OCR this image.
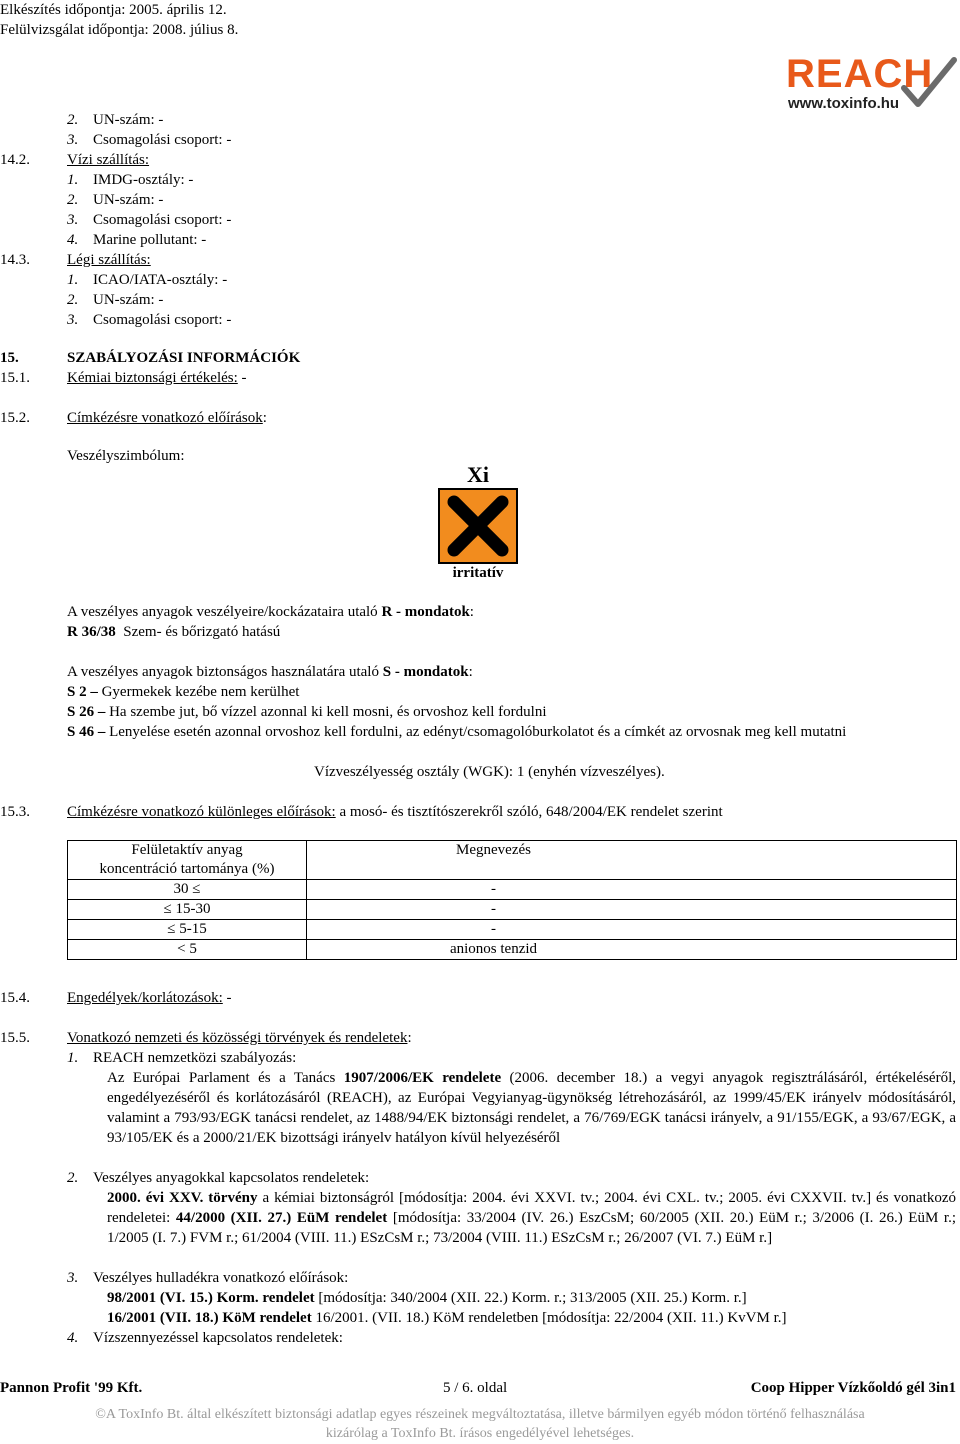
Elkészítés időpontja: 2005. április 12.
Felülvizsgálat időpontja: 2008. július 8.
REACH
www.toxinfo.hu
2. UN-szám: -
3. Csomagolási csoport: -
14.2. Vízi szállítás:
1. IMDG-osztály: -
2. UN-szám: -
3. Csomagolási csoport: -
4. Marine pollutant: -
14.3. Légi szállítás:
1. ICAO/IATA-osztály: -
2. UN-szám: -
3. Csomagolási csoport: -
15.	SZABÁLYOZÁSI INFORMÁCIÓK
15.1. Kémiai biztonsági értékelés: -
15.2. Címkézésre vonatkozó előírások:
Veszélyszimbólum:
Xi
irritatív
A veszélyes anyagok veszélyeire/kockázataira utaló R - mondatok:
R 36/38 Szem- és bőrizgató hatású
A veszélyes anyagok biztonságos használatára utaló S - mondatok:
S 2 – Gyermekek kezébe nem kerülhet
S 26 – Ha szembe jut, bő vízzel azonnal ki kell mosni, és orvoshoz kell fordulni
S 46 – Lenyelése esetén azonnal orvoshoz kell fordulni, az edényt/csomagolóburkolatot és a címkét az orvosnak meg kell mutatni
Vízveszélyesség osztály (WGK): 1 (enyhén vízveszélyes).
15.3. Címkézésre vonatkozó különleges előírások: a mosó- és tisztítószerekről szóló, 648/2004/EK rendelet szerint
Felületaktív anyag
koncentráció tartománya (%)	Megnevezés
30 ≤	-
≤ 15-30	-
≤ 5-15	-
< 5	anionos tenzid
15.4. Engedélyek/korlátozások: -
15.5. Vonatkozó nemzeti és közösségi törvények és rendeletek:
1. REACH nemzetközi szabályozás:
Az Európai Parlament és a Tanács 1907/2006/EK rendelete (2006. december 18.) a vegyi anyagok regisztrálásáról, értékeléséről, engedélyezéséről és korlátozásáról (REACH), az Európai Vegyianyag-ügynökség létrehozásáról, az 1999/45/EK irányelv módosításáról, valamint a 793/93/EGK tanácsi rendelet, az 1488/94/EK biztonsági rendelet, a 76/769/EGK tanácsi irányelv, a 91/155/EGK, a 93/67/EGK, a 93/105/EK és a 2000/21/EK bizottsági irányelv hatályon kívül helyezéséről
2. Veszélyes anyagokkal kapcsolatos rendeletek:
2000. évi XXV. törvény a kémiai biztonságról [módosítja: 2004. évi XXVI. tv.; 2004. évi CXL. tv.; 2005. évi CXXVII. tv.] és vonatkozó rendeletei: 44/2000 (XII. 27.) EüM rendelet [módosítja: 33/2004 (IV. 26.) EszCsM; 60/2005 (XII. 20.) EüM r.; 3/2006 (I. 26.) EüM r.; 1/2005 (I. 7.) FVM r.; 61/2004 (VIII. 11.) ESzCsM r.; 73/2004 (VIII. 11.) ESzCsM r.; 26/2007 (VI. 7.) EüM r.]
3. Veszélyes hulladékra vonatkozó előírások:
98/2001 (VI. 15.) Korm. rendelet [módosítja: 340/2004 (XII. 22.) Korm. r.; 313/2005 (XII. 25.) Korm. r.]
16/2001 (VII. 18.) KöM rendelet 16/2001. (VII. 18.) KöM rendeletben [módosítja: 22/2004 (XII. 11.) KvVM r.]
4. Vízszennyezéssel kapcsolatos rendeletek:
Pannon Profit '99 Kft.	5 / 6. oldal	Coop Hipper Vízkőoldó gél 3in1
©A ToxInfo Bt. által elkészített biztonsági adatlap egyes részeinek megváltoztatása, illetve bármilyen egyéb módon történő felhasználása
kizárólag a ToxInfo Bt. írásos engedélyével lehetséges.
